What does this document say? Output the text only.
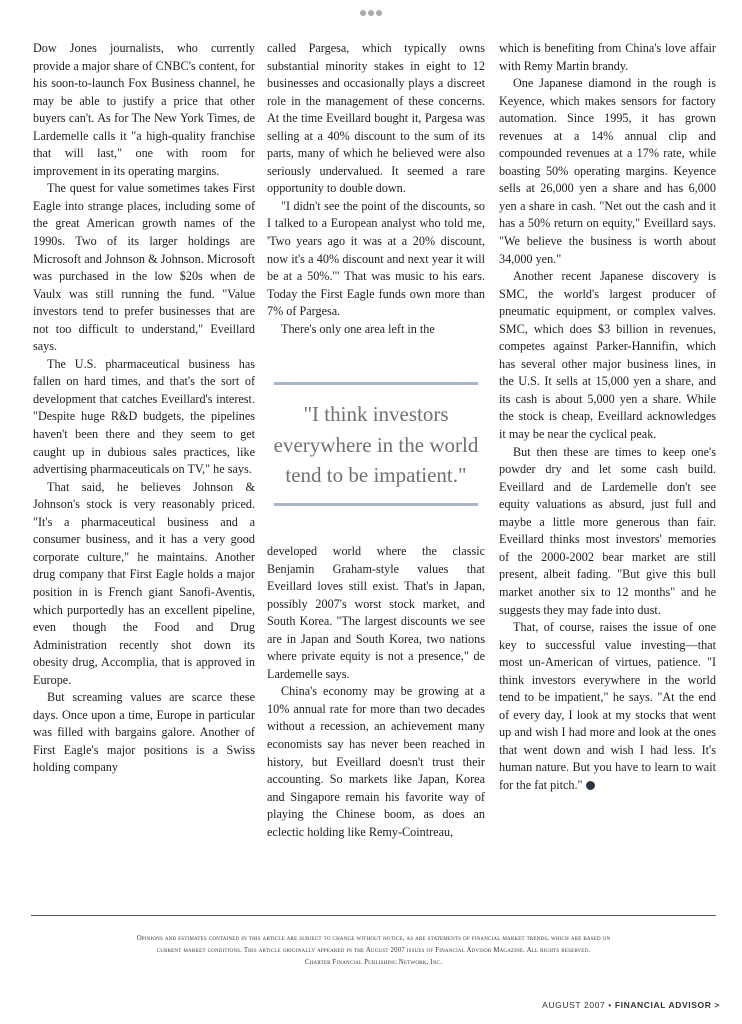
Dow Jones journalists, who currently provide a major share of CNBC's content, for his soon-to-launch Fox Business channel, he may be able to justify a price that other buyers can't. As for The New York Times, de Lardemelle calls it "a high-quality franchise that will last," one with room for improvement in its operating margins.

The quest for value sometimes takes First Eagle into strange places, including some of the great American growth names of the 1990s. Two of its larger holdings are Microsoft and Johnson & Johnson. Microsoft was purchased in the low $20s when de Vaulx was still running the fund. "Value investors tend to prefer businesses that are not too difficult to understand," Eveillard says.

The U.S. pharmaceutical business has fallen on hard times, and that's the sort of development that catches Eveillard's interest. "Despite huge R&D budgets, the pipelines haven't been there and they seem to get caught up in dubious sales practices, like advertising pharmaceuticals on TV," he says.

That said, he believes Johnson & Johnson's stock is very reasonably priced. "It's a pharmaceutical business and a consumer business, and it has a very good corporate culture," he maintains. Another drug company that First Eagle holds a major position in is French giant Sanofi-Aventis, which purportedly has an excellent pipeline, even though the Food and Drug Administration recently shot down its obesity drug, Accomplia, that is approved in Europe.

But screaming values are scarce these days. Once upon a time, Europe in particular was filled with bargains galore. Another of First Eagle's major positions is a Swiss holding company

called Pargesa, which typically owns substantial minority stakes in eight to 12 businesses and occasionally plays a discreet role in the management of these concerns. At the time Eveillard bought it, Pargesa was selling at a 40% discount to the sum of its parts, many of which he believed were also seriously undervalued. It seemed a rare opportunity to double down.

"I didn't see the point of the discounts, so I talked to a European analyst who told me, 'Two years ago it was at a 20% discount, now it's a 40% discount and next year it will be at a 50%.'" That was music to his ears. Today the First Eagle funds own more than 7% of Pargesa.

There's only one area left in the

"I think investors everywhere in the world tend to be impatient."

developed world where the classic Benjamin Graham-style values that Eveillard loves still exist. That's in Japan, possibly 2007's worst stock market, and South Korea. "The largest discounts we see are in Japan and South Korea, two nations where private equity is not a presence," de Lardemelle says.

China's economy may be growing at a 10% annual rate for more than two decades without a recession, an achievement many economists say has never been reached in history, but Eveillard doesn't trust their accounting. So markets like Japan, Korea and Singapore remain his favorite way of playing the Chinese boom, as does an eclectic holding like Remy-Cointreau,

which is benefiting from China's love affair with Remy Martin brandy.

One Japanese diamond in the rough is Keyence, which makes sensors for factory automation. Since 1995, it has grown revenues at a 14% annual clip and compounded revenues at a 17% rate, while boasting 50% operating margins. Keyence sells at 26,000 yen a share and has 6,000 yen a share in cash. "Net out the cash and it has a 50% return on equity," Eveillard says. "We believe the business is worth about 34,000 yen."

Another recent Japanese discovery is SMC, the world's largest producer of pneumatic equipment, or complex valves. SMC, which does $3 billion in revenues, competes against Parker-Hannifin, which has several other major business lines, in the U.S. It sells at 15,000 yen a share, and its cash is about 5,000 yen a share. While the stock is cheap, Eveillard acknowledges it may be near the cyclical peak.

But then these are times to keep one's powder dry and let some cash build. Eveillard and de Lardemelle don't see equity valuations as absurd, just full and maybe a little more generous than fair. Eveillard thinks most investors' memories of the 2000-2002 bear market are still present, albeit fading. "But give this bull market another six to 12 months" and he suggests they may fade into dust.

That, of course, raises the issue of one key to successful value investing—that most un-American of virtues, patience. "I think investors everywhere in the world tend to be impatient," he says. "At the end of every day, I look at my stocks that went up and wish I had more and look at the ones that went down and wish I had less. It's human nature. But you have to learn to wait for the fat pitch."

Opinions and estimates contained in this article are subject to change without notice, as are statements of financial market trends, which are based on
current market conditions. This article originally appeared in the August 2007 issues of Financial Advisor Magazine. All rights reserved.
Charter Financial Publishing Network, Inc.
AUGUST 2007 • FINANCIAL ADVISOR >
